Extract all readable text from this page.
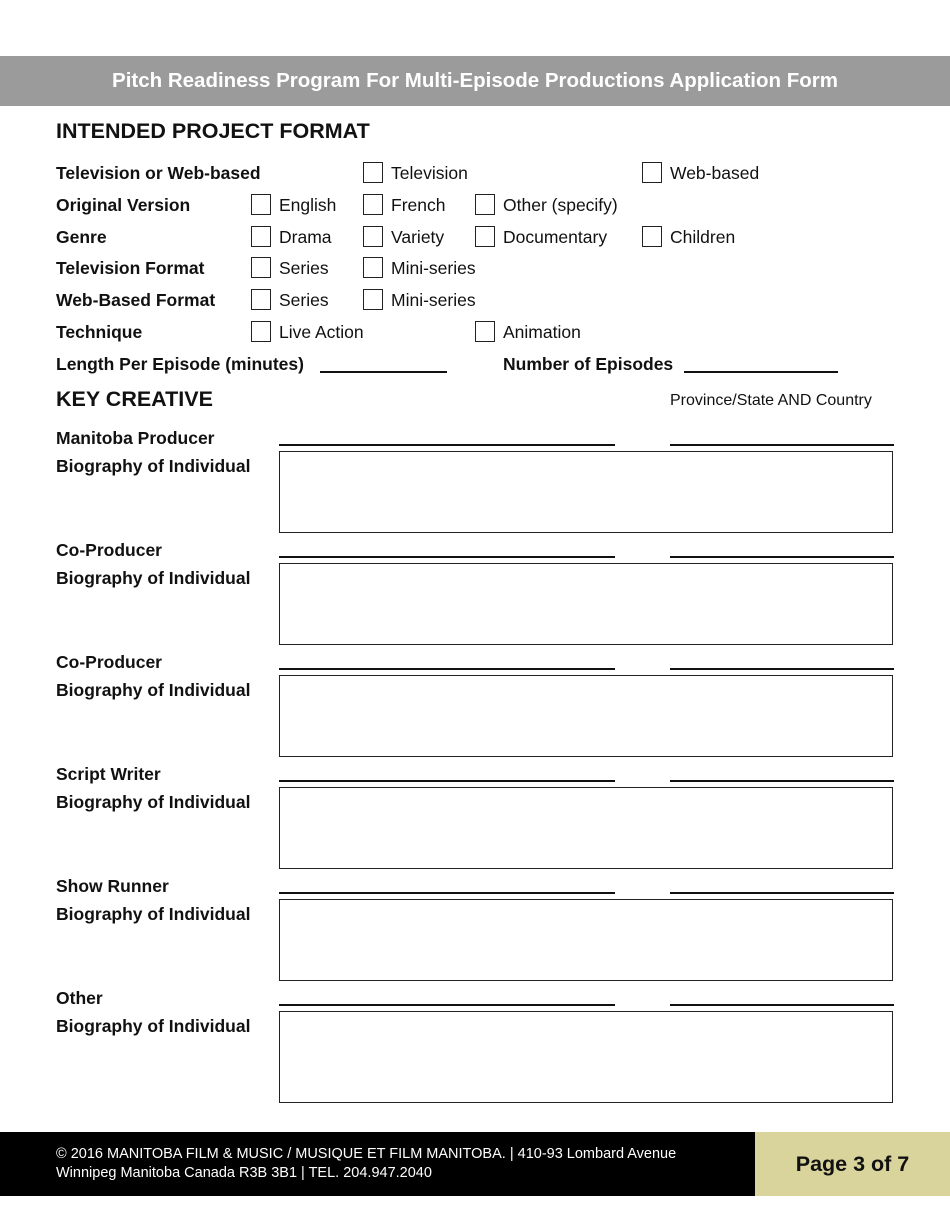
Pitch Readiness Program For Multi-Episode Productions Application Form
INTENDED PROJECT FORMAT
Television or Web-based	Television	Web-based
Original Version	English	French	Other (specify)
Genre	Drama	Variety	Documentary	Children
Television Format	Series	Mini-series
Web-Based Format	Series	Mini-series
Technique	Live Action	Animation
Length Per Episode (minutes)	Number of Episodes
KEY CREATIVE	Province/State AND Country
Manitoba Producer
Biography of Individual
Co-Producer
Biography of Individual
Co-Producer
Biography of Individual
Script Writer
Biography of Individual
Show Runner
Biography of Individual
Other
Biography of Individual
© 2016 MANITOBA FILM & MUSIC / MUSIQUE ET FILM MANITOBA. | 410-93 Lombard Avenue
Winnipeg Manitoba Canada R3B 3B1 | TEL. 204.947.2040	Page 3 of 7
